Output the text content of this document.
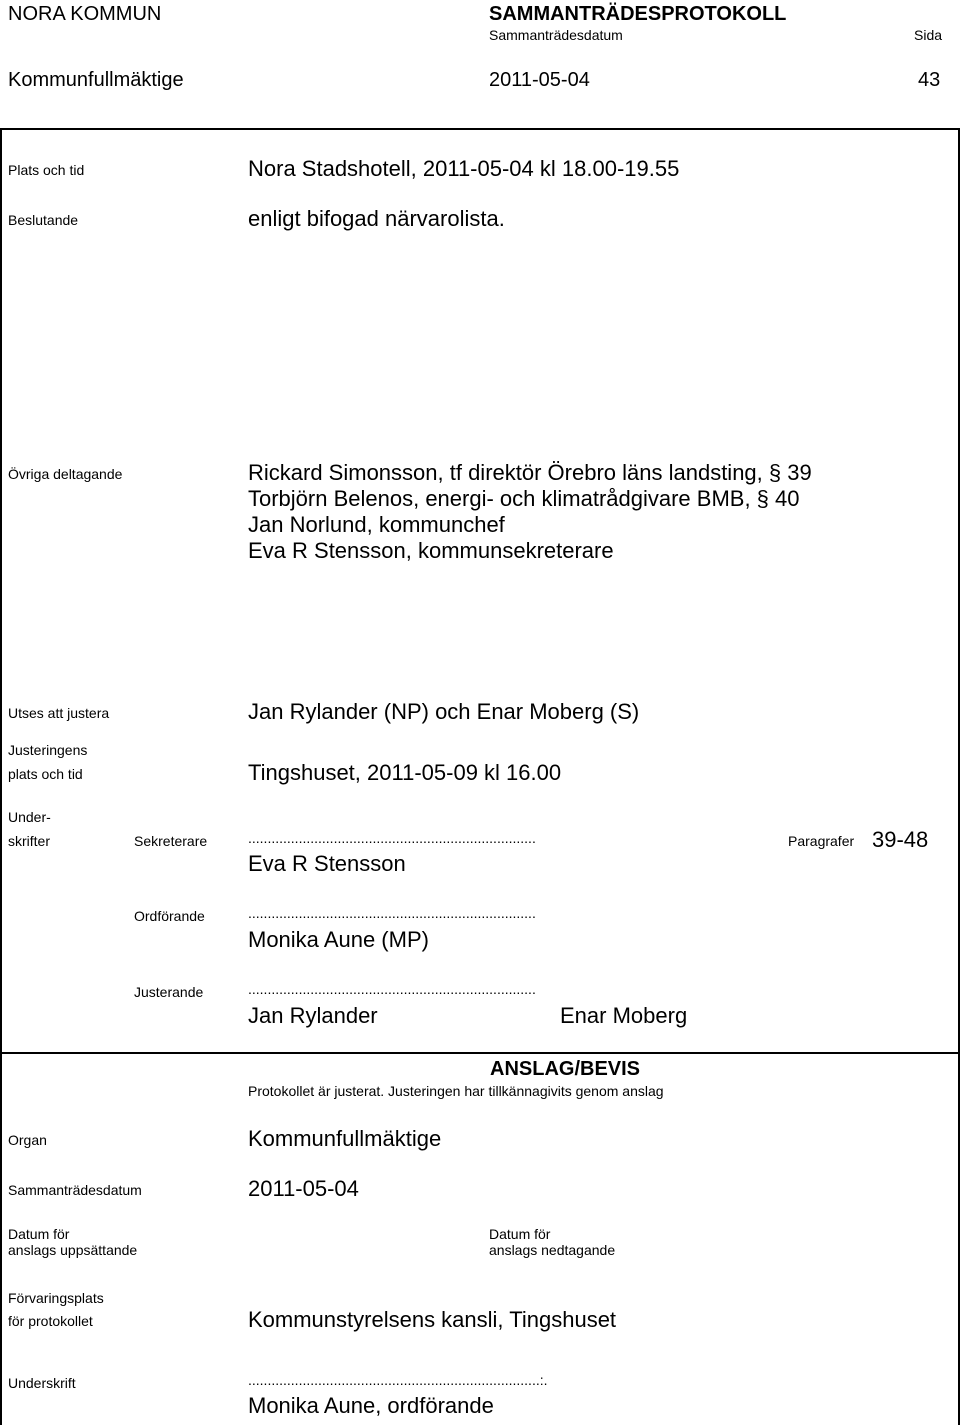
NORA KOMMUN	SAMMANTRÄDESPROTOKOLL
Sammanträdesdatum	Sida
Kommunfullmäktige	2011-05-04	43
Plats och tid	Nora Stadshotell, 2011-05-04 kl 18.00-19.55
Beslutande	enligt bifogad närvarolista.
Övriga deltagande	Rickard Simonsson, tf direktör Örebro läns landsting, § 39
Torbjörn Belenos, energi- och klimatrådgivare BMB, § 40
Jan Norlund, kommunchef
Eva R Stensson, kommunsekreterare
Utses att justera	Jan Rylander (NP) och Enar Moberg (S)
Justeringens
plats och tid	Tingshuset, 2011-05-09 kl 16.00
Under-
skrifter	Sekreterare	..........................................................................
Eva R Stensson
Paragrafer 39-48
Ordförande	..........................................................................
Monika Aune (MP)
Justerande	..........................................................................
Jan Rylander	Enar Moberg
ANSLAG/BEVIS
Protokollet är justerat. Justeringen har tillkännagivits genom anslag
Organ	Kommunfullmäktige
Sammanträdesdatum	2011-05-04
Datum för
anslags uppsättande
Datum för
anslags nedtagande
Förvaringsplats
för protokollet	Kommunstyrelsens kansli, Tingshuset
Underskrift	...........................................................................:.
Monika Aune, ordförande
